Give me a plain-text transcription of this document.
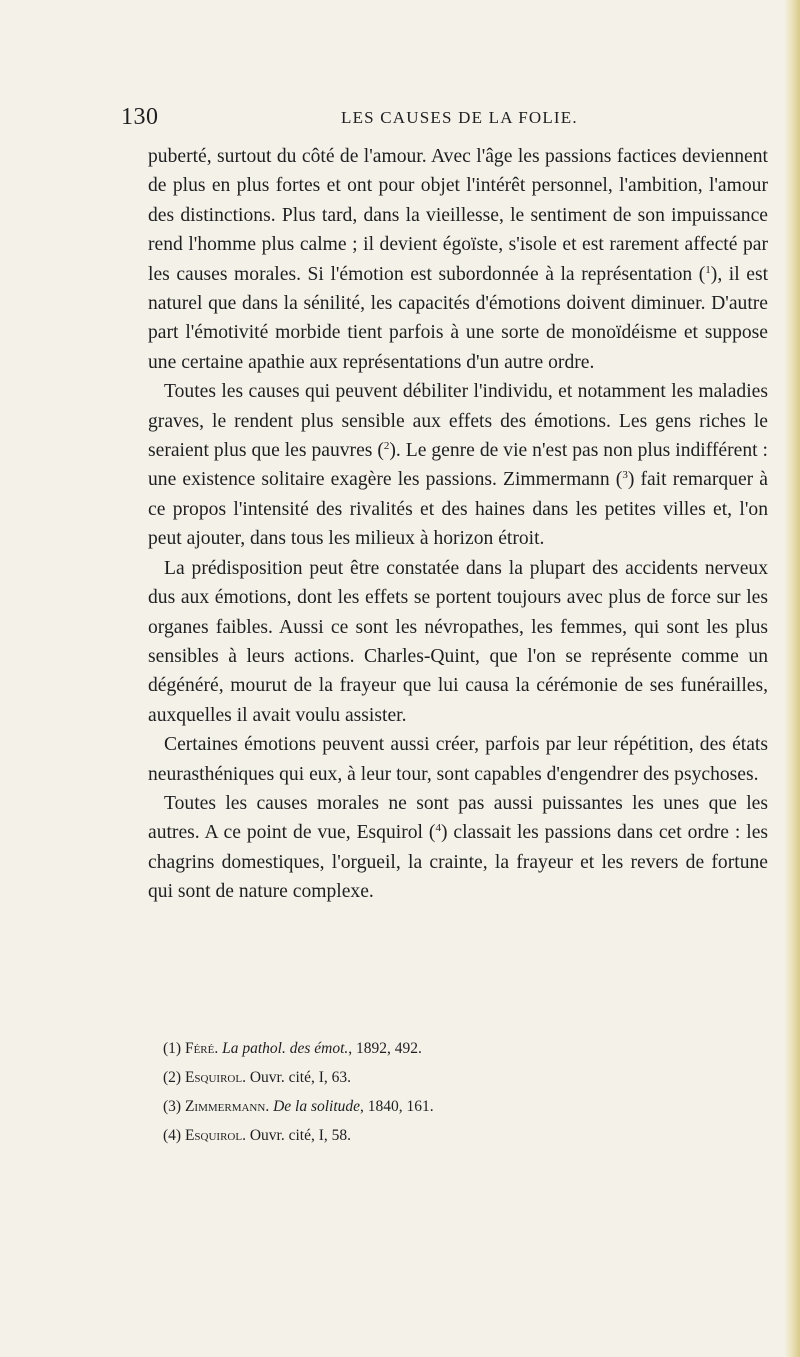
130	LES CAUSES DE LA FOLIE.

puberté, surtout du côté de l'amour. Avec l'âge les passions factices deviennent de plus en plus fortes et ont pour objet l'intérêt personnel, l'ambition, l'amour des distinctions. Plus tard, dans la vieillesse, le sentiment de son impuissance rend l'homme plus calme ; il devient égoïste, s'isole et est rarement affecté par les causes morales. Si l'émotion est subordonnée à la représentation ($^1$), il est naturel que dans la sénilité, les capacités d'émotions doivent diminuer. D'autre part l'émotivité morbide tient parfois à une sorte de monoïdéisme et suppose une certaine apathie aux représentations d'un autre ordre.

Toutes les causes qui peuvent débiliter l'individu, et notamment les maladies graves, le rendent plus sensible aux effets des émotions. Les gens riches le seraient plus que les pauvres ($^2$). Le genre de vie n'est pas non plus indifférent : une existence solitaire exagère les passions. Zimmermann ($^3$) fait remarquer à ce propos l'intensité des rivalités et des haines dans les petites villes et, l'on peut ajouter, dans tous les milieux à horizon étroit.

La prédisposition peut être constatée dans la plupart des accidents nerveux dus aux émotions, dont les effets se portent toujours avec plus de force sur les organes faibles. Aussi ce sont les névropathes, les femmes, qui sont les plus sensibles à leurs actions. Charles-Quint, que l'on se représente comme un dégénéré, mourut de la frayeur que lui causa la cérémonie de ses funérailles, auxquelles il avait voulu assister.

Certaines émotions peuvent aussi créer, parfois par leur répétition, des états neurasthéniques qui eux, à leur tour, sont capables d'engendrer des psychoses.

Toutes les causes morales ne sont pas aussi puissantes les unes que les autres. A ce point de vue, Esquirol ($^4$) classait les passions dans cet ordre : les chagrins domestiques, l'orgueil, la crainte, la frayeur et les revers de fortune qui sont de nature complexe.

(1) Féré. La pathol. des émot., 1892, 492.
(2) Esquirol. Ouvr. cité, I, 63.
(3) Zimmermann. De la solitude, 1840, 161.
(4) Esquirol. Ouvr. cité, I, 58.
